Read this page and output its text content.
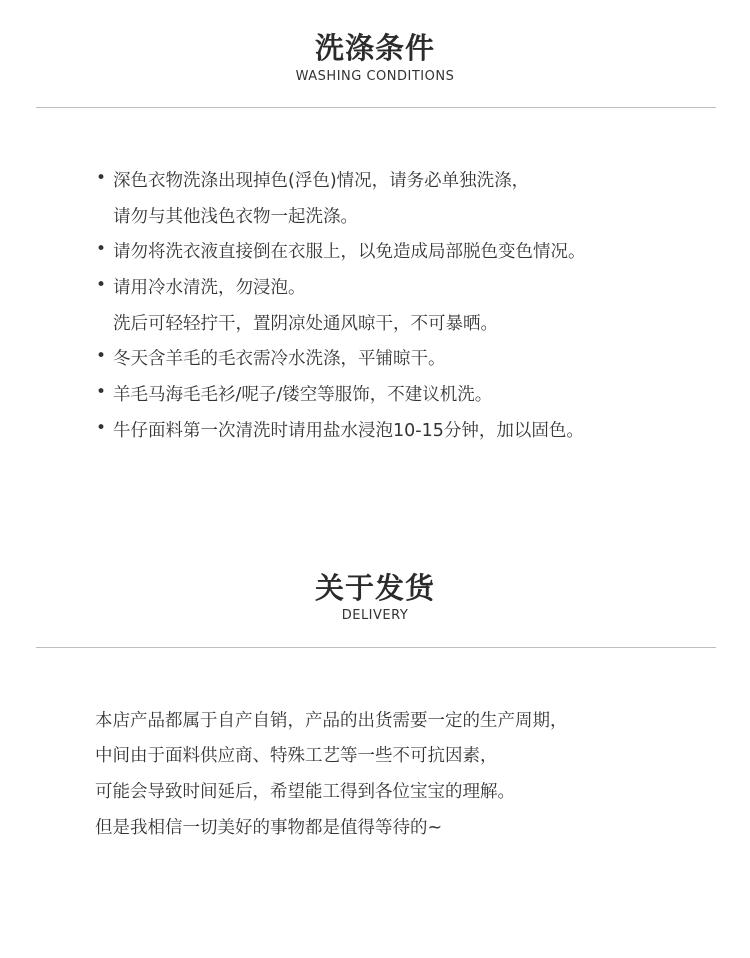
洗涤条件
WASHING CONDITIONS
• 深色衣物洗涤出现掉色(浮色)情况，请务必单独洗涤，
请勿与其他浅色衣物一起洗涤。
• 请勿将洗衣液直接倒在衣服上，以免造成局部脱色变色情况。
• 请用冷水清洗，勿浸泡。
洗后可轻轻拧干，置阴凉处通风晾干，不可暴晒。
• 冬天含羊毛的毛衣需冷水洗涤，平铺晾干。
• 羊毛马海毛毛衫/呢子/镂空等服饰，不建议机洗。
• 牛仔面料第一次清洗时请用盐水浸泡10-15分钟，加以固色。
关于发货
DELIVERY
本店产品都属于自产自销，产品的出货需要一定的生产周期，
中间由于面料供应商、特殊工艺等一些不可抗因素，
可能会导致时间延后，希望能工得到各位宝宝的理解。
但是我相信一切美好的事物都是值得等待的~
